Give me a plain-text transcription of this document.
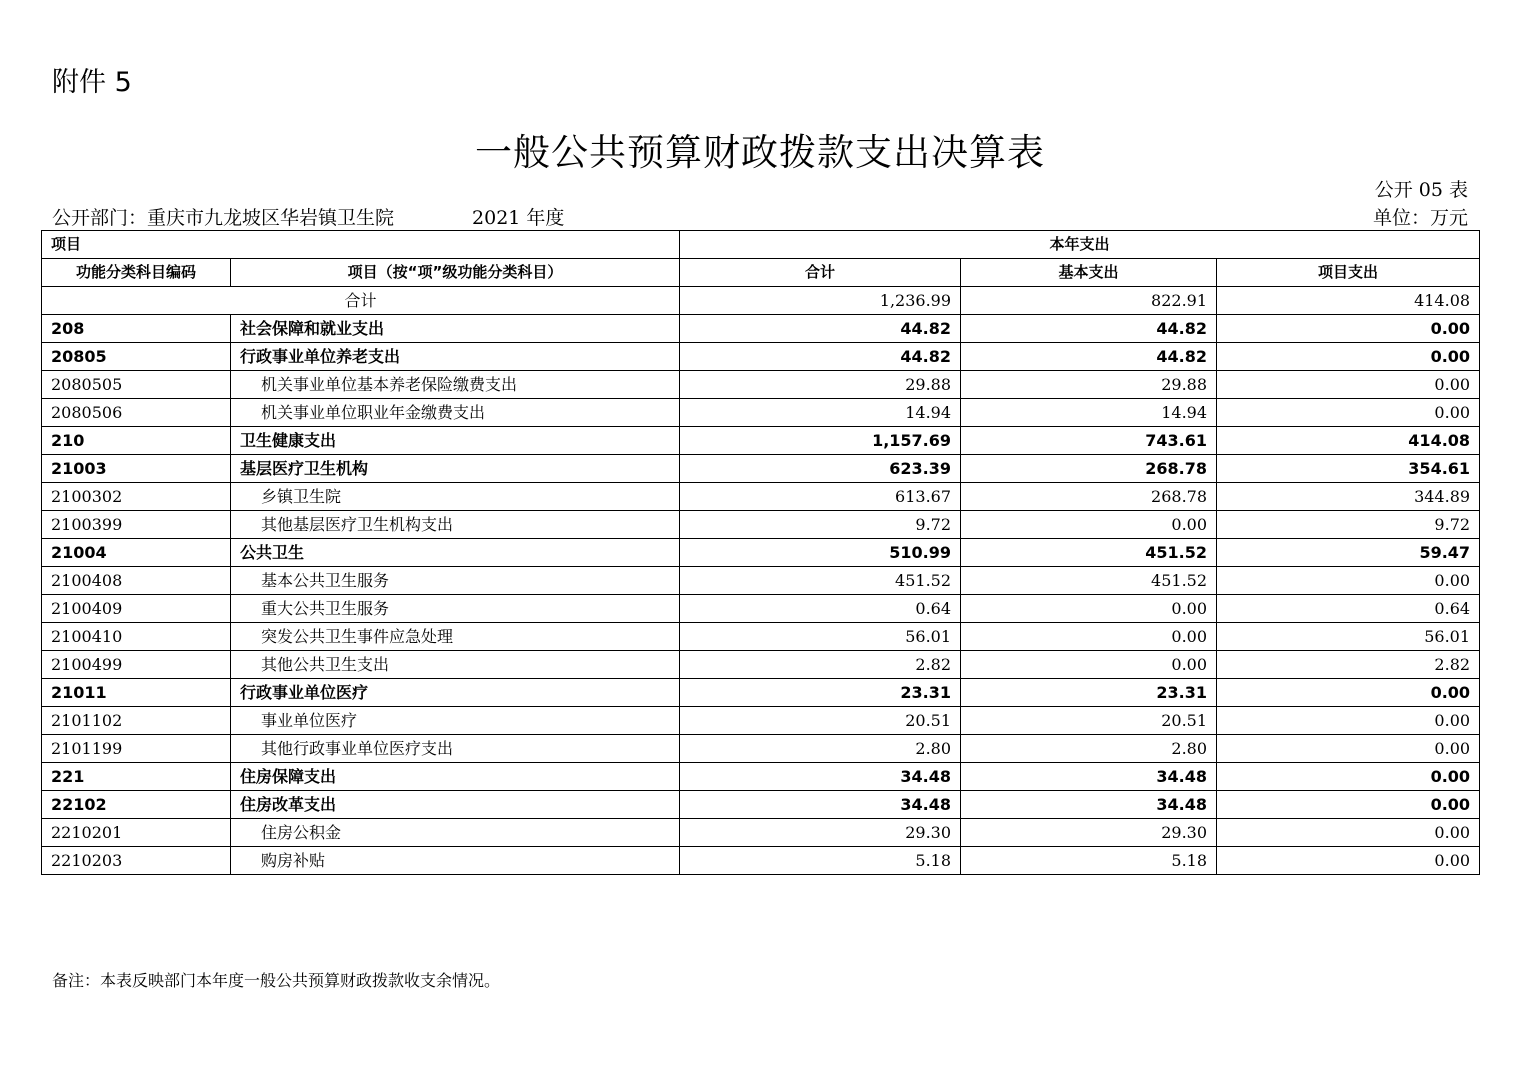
附件 5
一般公共预算财政拨款支出决算表
公开 05 表
公开部门：重庆市九龙坡区华岩镇卫生院	2021 年度	单位：万元
项目		本年支出		
功能分类科目编码	项目（按“项”级功能分类科目）	合计	基本支出	项目支出
合计		1,236.99	822.91	414.08
208	社会保障和就业支出	44.82	44.82	0.00
20805	行政事业单位养老支出	44.82	44.82	0.00
2080505	机关事业单位基本养老保险缴费支出	29.88	29.88	0.00
2080506	机关事业单位职业年金缴费支出	14.94	14.94	0.00
210	卫生健康支出	1,157.69	743.61	414.08
21003	基层医疗卫生机构	623.39	268.78	354.61
2100302	乡镇卫生院	613.67	268.78	344.89
2100399	其他基层医疗卫生机构支出	9.72	0.00	9.72
21004	公共卫生	510.99	451.52	59.47
2100408	基本公共卫生服务	451.52	451.52	0.00
2100409	重大公共卫生服务	0.64	0.00	0.64
2100410	突发公共卫生事件应急处理	56.01	0.00	56.01
2100499	其他公共卫生支出	2.82	0.00	2.82
21011	行政事业单位医疗	23.31	23.31	0.00
2101102	事业单位医疗	20.51	20.51	0.00
2101199	其他行政事业单位医疗支出	2.80	2.80	0.00
221	住房保障支出	34.48	34.48	0.00
22102	住房改革支出	34.48	34.48	0.00
2210201	住房公积金	29.30	29.30	0.00
2210203	购房补贴	5.18	5.18	0.00
备注：本表反映部门本年度一般公共预算财政拨款收支余情况。
